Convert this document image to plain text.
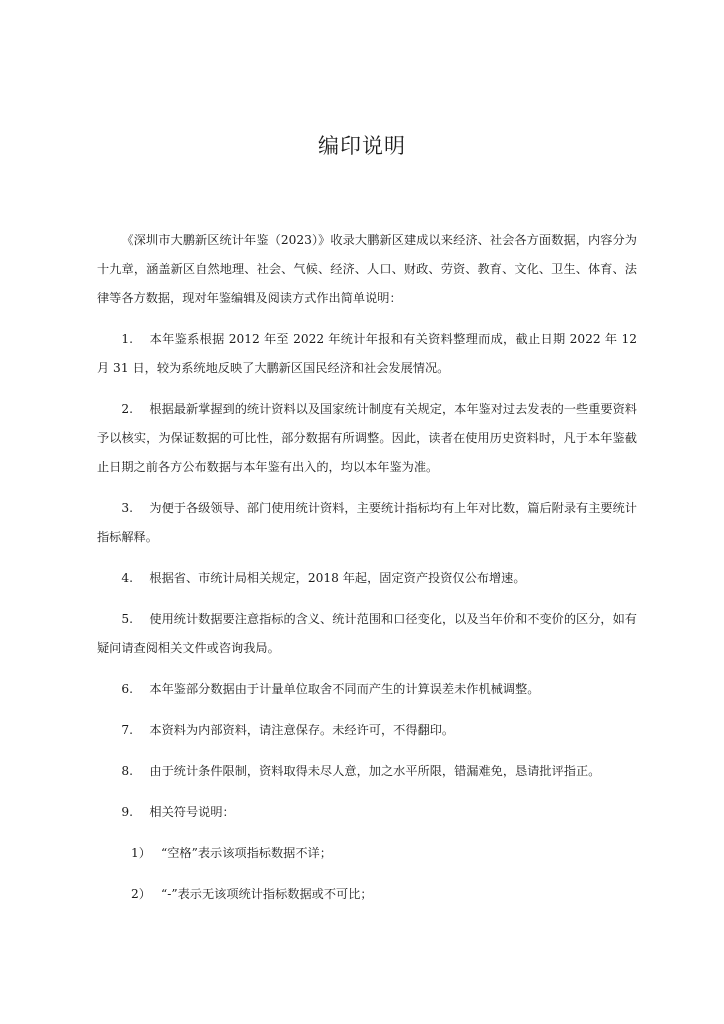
编印说明

《深圳市大鹏新区统计年鉴（2023）》收录大鹏新区建成以来经济、社会各方面数据，内容分为十九章，涵盖新区自然地理、社会、气候、经济、人口、财政、劳资、教育、文化、卫生、体育、法律等各方数据，现对年鉴编辑及阅读方式作出简单说明：

1. 本年鉴系根据 2012 年至 2022 年统计年报和有关资料整理而成，截止日期 2022 年 12 月 31 日，较为系统地反映了大鹏新区国民经济和社会发展情况。

2. 根据最新掌握到的统计资料以及国家统计制度有关规定，本年鉴对过去发表的一些重要资料予以核实，为保证数据的可比性，部分数据有所调整。因此，读者在使用历史资料时，凡于本年鉴截止日期之前各方公布数据与本年鉴有出入的，均以本年鉴为准。

3. 为便于各级领导、部门使用统计资料，主要统计指标均有上年对比数，篇后附录有主要统计指标解释。

4. 根据省、市统计局相关规定，2018 年起，固定资产投资仅公布增速。

5. 使用统计数据要注意指标的含义、统计范围和口径变化，以及当年价和不变价的区分，如有疑问请查阅相关文件或咨询我局。

6. 本年鉴部分数据由于计量单位取舍不同而产生的计算误差未作机械调整。

7. 本资料为内部资料，请注意保存。未经许可，不得翻印。

8. 由于统计条件限制，资料取得未尽人意，加之水平所限，错漏难免，恳请批评指正。

9. 相关符号说明：

1） “空格”表示该项指标数据不详；

2） “-”表示无该项统计指标数据或不可比；
